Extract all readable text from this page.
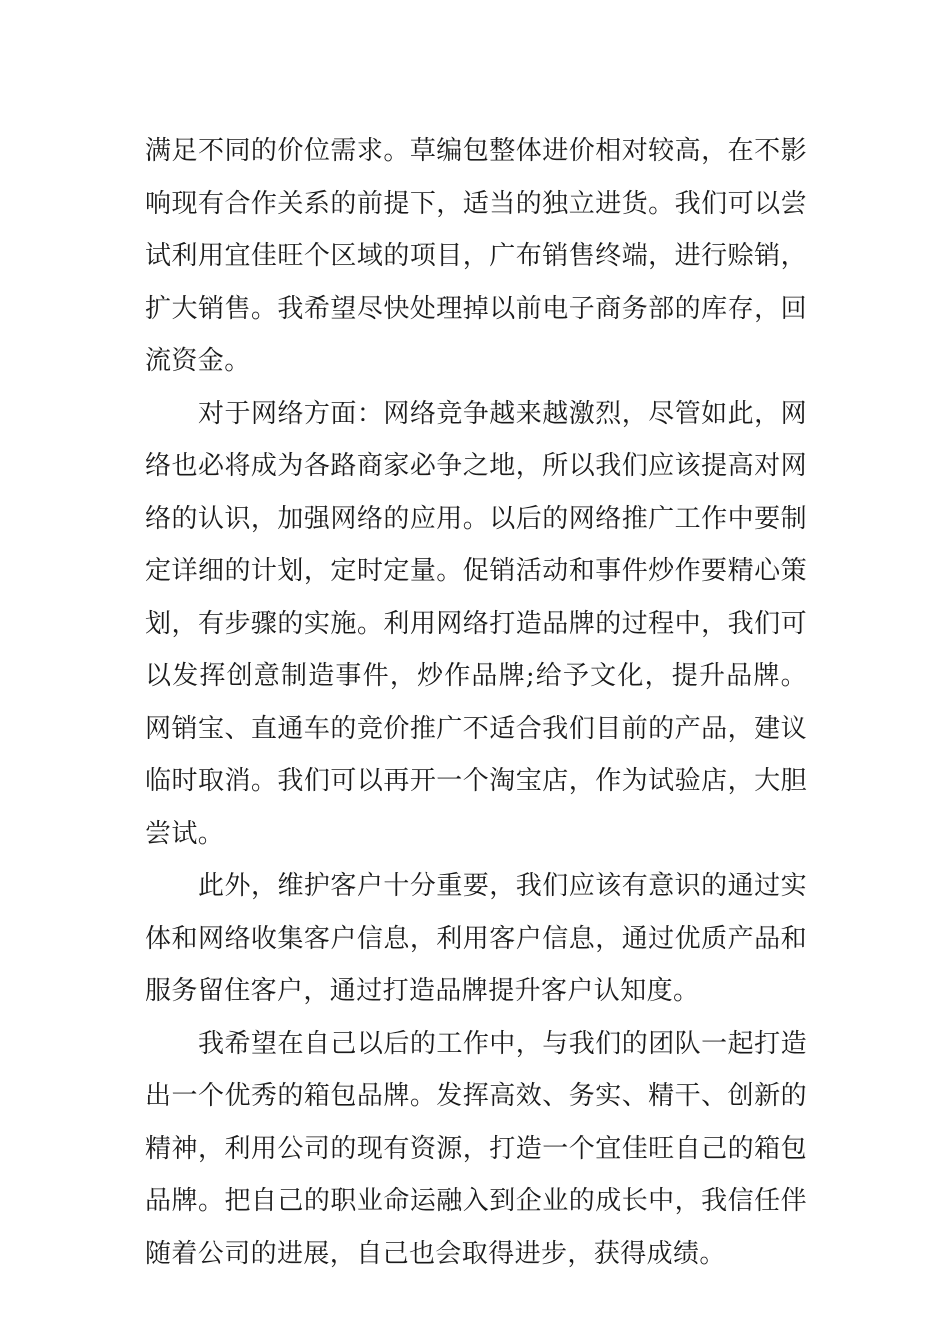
满足不同的价位需求。草编包整体进价相对较高，在不影响现有合作关系的前提下，适当的独立进货。我们可以尝试利用宜佳旺个区域的项目，广布销售终端，进行赊销，扩大销售。我希望尽快处理掉以前电子商务部的库存，回流资金。

对于网络方面：网络竞争越来越激烈，尽管如此，网络也必将成为各路商家必争之地，所以我们应该提高对网络的认识，加强网络的应用。以后的网络推广工作中要制定详细的计划，定时定量。促销活动和事件炒作要精心策划，有步骤的实施。利用网络打造品牌的过程中，我们可以发挥创意制造事件，炒作品牌;给予文化，提升品牌。网销宝、直通车的竞价推广不适合我们目前的产品，建议临时取消。我们可以再开一个淘宝店，作为试验店，大胆尝试。

此外，维护客户十分重要，我们应该有意识的通过实体和网络收集客户信息，利用客户信息，通过优质产品和服务留住客户，通过打造品牌提升客户认知度。

我希望在自己以后的工作中，与我们的团队一起打造出一个优秀的箱包品牌。发挥高效、务实、精干、创新的精神，利用公司的现有资源，打造一个宜佳旺自己的箱包品牌。把自己的职业命运融入到企业的成长中，我信任伴随着公司的进展，自己也会取得进步，获得成绩。
